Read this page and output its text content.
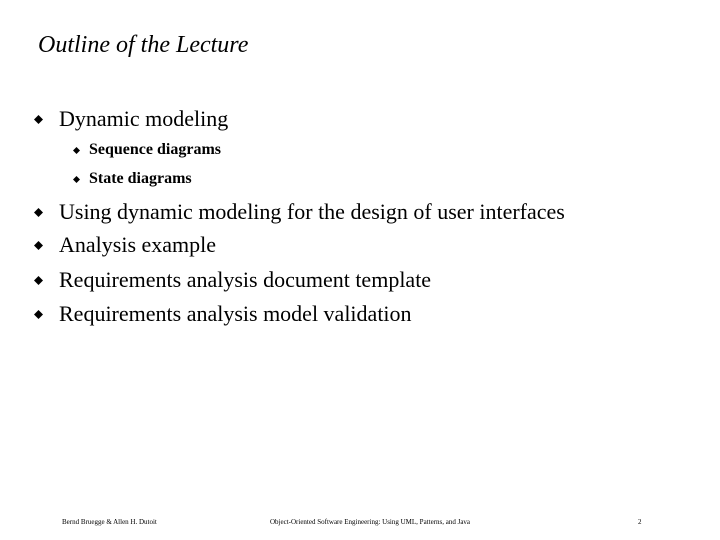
Outline of the Lecture
Dynamic modeling
Sequence diagrams
State diagrams
Using dynamic modeling for the design of user interfaces
Analysis example
Requirements analysis document template
Requirements analysis model validation
Bernd Bruegge & Allen H. Dutoit	Object-Oriented Software Engineering: Using UML, Patterns, and Java	2
